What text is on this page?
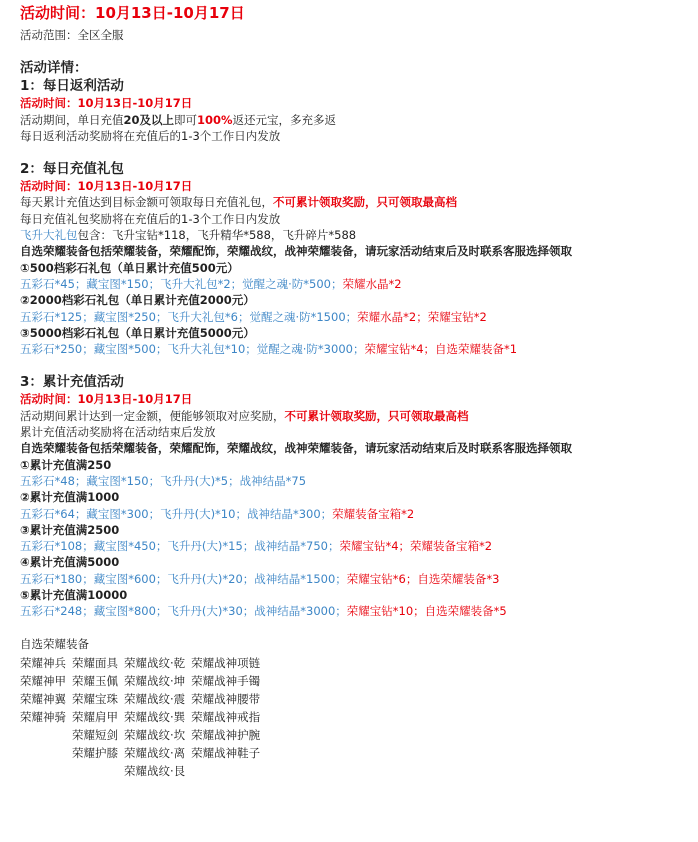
活动时间：10月13日-10月17日
活动范围：全区全服
活动详情：
1：每日返利活动
活动时间：10月13日-10月17日
活动期间，单日充值20及以上即可100%返还元宝，多充多返
每日返利活动奖励将在充值后的1-3个工作日内发放
2：每日充值礼包
活动时间：10月13日-10月17日
每天累计充值达到目标金额可领取每日充值礼包，不可累计领取奖励，只可领取最高档
每日充值礼包奖励将在充值后的1-3个工作日内发放
飞升大礼包包含：飞升宝钻*118，飞升精华*588，飞升碎片*588
自选荣耀装备包括荣耀装备，荣耀配饰，荣耀战纹，战神荣耀装备，请玩家活动结束后及时联系客服选择领取
①500档彩石礼包（单日累计充值500元）
五彩石*45；藏宝图*150；飞升大礼包*2；觉醒之魂·防*500；荣耀水晶*2
②2000档彩石礼包（单日累计充值2000元）
五彩石*125；藏宝图*250；飞升大礼包*6；觉醒之魂·防*1500；荣耀水晶*2；荣耀宝钻*2
③5000档彩石礼包（单日累计充值5000元）
五彩石*250；藏宝图*500；飞升大礼包*10；觉醒之魂·防*3000；荣耀宝钻*4；自选荣耀装备*1
3：累计充值活动
活动时间：10月13日-10月17日
活动期间累计达到一定金额，便能够领取对应奖励，不可累计领取奖励，只可领取最高档
累计充值活动奖励将在活动结束后发放
自选荣耀装备包括荣耀装备，荣耀配饰，荣耀战纹，战神荣耀装备，请玩家活动结束后及时联系客服选择领取
①累计充值满250
五彩石*48；藏宝图*150；飞升丹(大)*5；战神结晶*75
②累计充值满1000
五彩石*64；藏宝图*300；飞升丹(大)*10；战神结晶*300；荣耀装备宝箱*2
③累计充值满2500
五彩石*108；藏宝图*450；飞升丹(大)*15；战神结晶*750；荣耀宝钻*4；荣耀装备宝箱*2
④累计充值满5000
五彩石*180；藏宝图*600；飞升丹(大)*20；战神结晶*1500；荣耀宝钻*6；自选荣耀装备*3
⑤累计充值满10000
五彩石*248；藏宝图*800；飞升丹(大)*30；战神结晶*3000；荣耀宝钻*10；自选荣耀装备*5
自选荣耀装备
荣耀神兵	荣耀面具	荣耀战纹·乾	荣耀战神项链
荣耀神甲	荣耀玉佩	荣耀战纹·坤	荣耀战神手镯
荣耀神翼	荣耀宝珠	荣耀战纹·震	荣耀战神腰带
荣耀神骑	荣耀肩甲	荣耀战纹·巽	荣耀战神戒指
	荣耀短剑	荣耀战纹·坎	荣耀战神护腕
	荣耀护膝	荣耀战纹·离	荣耀战神鞋子
		荣耀战纹·艮	
